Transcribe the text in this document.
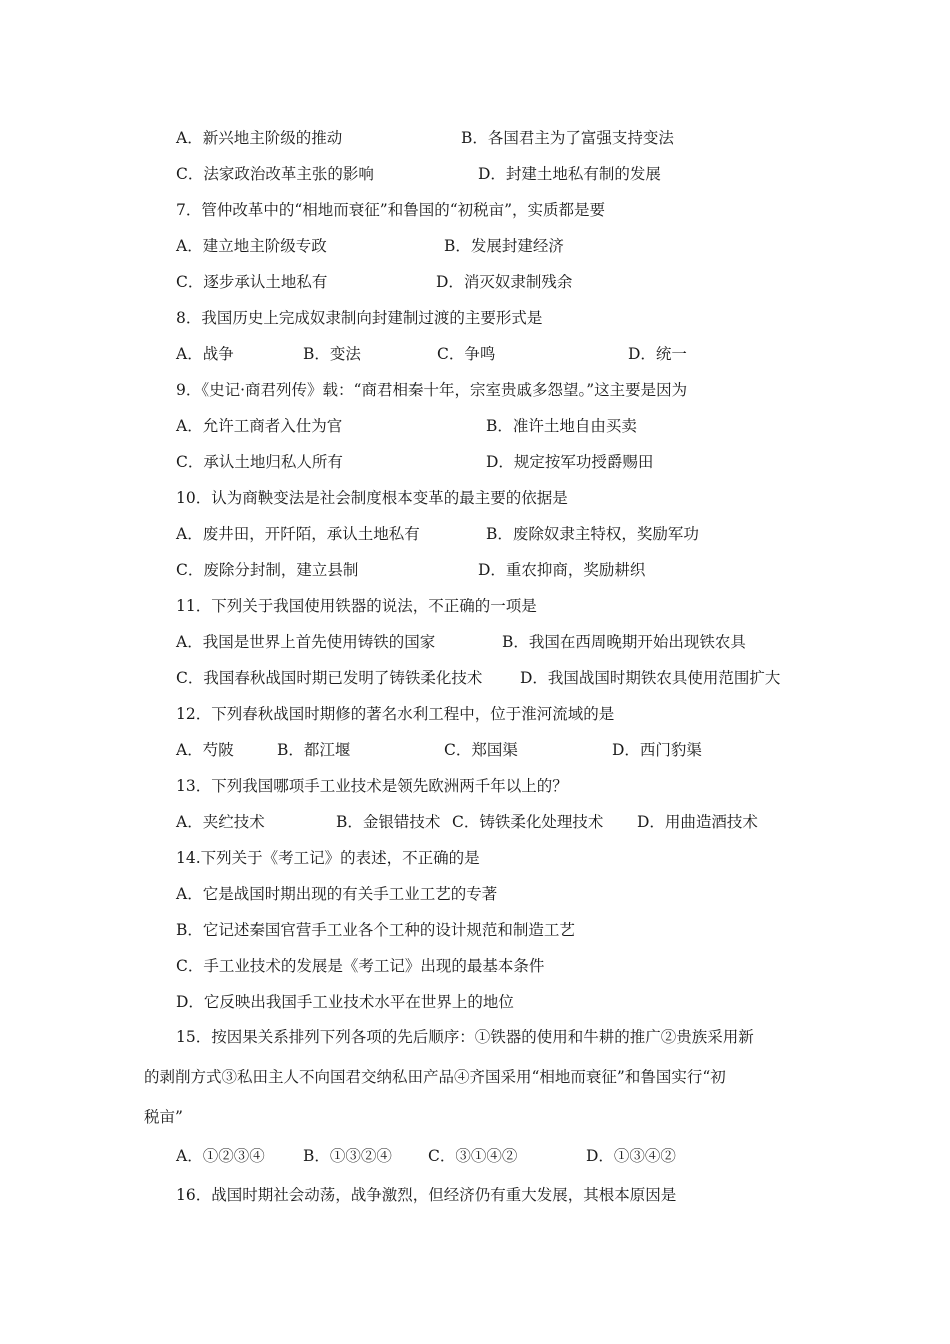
A．新兴地主阶级的推动	B．各国君主为了富强支持变法
C．法家政治改革主张的影响	D．封建土地私有制的发展
7．管仲改革中的“相地而衰征”和鲁国的“初税亩”，实质都是要
A．建立地主阶级专政	B．发展封建经济
C．逐步承认土地私有	D．消灭奴隶制残余
8．我国历史上完成奴隶制向封建制过渡的主要形式是
A．战争	B．变法	C．争鸣	D．统一
9．《史记·商君列传》载：“商君相秦十年，宗室贵戚多怨望。”这主要是因为
A．允许工商者入仕为官	B．准许土地自由买卖
C．承认土地归私人所有	D．规定按军功授爵赐田
10．认为商鞅变法是社会制度根本变革的最主要的依据是
A．废井田，开阡陌，承认土地私有	B．废除奴隶主特权，奖励军功
C．废除分封制，建立县制	D．重农抑商，奖励耕织
11．下列关于我国使用铁器的说法，不正确的一项是
A．我国是世界上首先使用铸铁的国家	B．我国在西周晚期开始出现铁农具
C．我国春秋战国时期已发明了铸铁柔化技术 D．我国战国时期铁农具使用范围扩大
12．下列春秋战国时期修的著名水利工程中，位于淮河流域的是
A．芍陂	B．都江堰	C．郑国渠	D．西门豹渠
13．下列我国哪项手工业技术是领先欧洲两千年以上的？
A．夹纻技术	B．金银错技术 C．铸铁柔化处理技术 D．用曲造酒技术
14.下列关于《考工记》的表述，不正确的是
A．它是战国时期出现的有关手工业工艺的专著
B．它记述秦国官营手工业各个工种的设计规范和制造工艺
C．手工业技术的发展是《考工记》出现的最基本条件
D．它反映出我国手工业技术水平在世界上的地位
15．按因果关系排列下列各项的先后顺序：①铁器的使用和牛耕的推广②贵族采用新
的剥削方式③私田主人不向国君交纳私田产品④齐国采用“相地而衰征”和鲁国实行“初
税亩”
A．①②③④ B．①③②④ C．③①④②	D．①③④②
16．战国时期社会动荡，战争激烈，但经济仍有重大发展，其根本原因是
